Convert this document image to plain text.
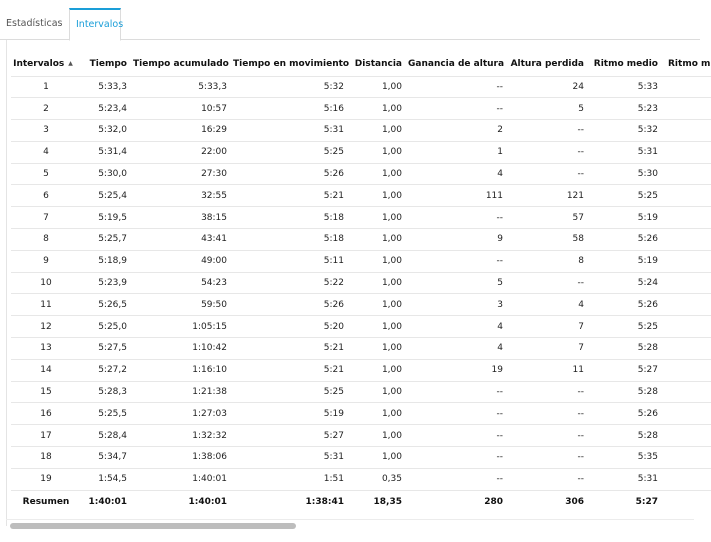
Estadísticas	Intervalos
Intervalos ▲	Tiempo	Tiempo acumulado	Tiempo en movimiento	Distancia	Ganancia de altura	Altura perdida	Ritmo medio	Ritmo m
1	5:33,3	5:33,3	5:32	1,00	--	24	5:33	
2	5:23,4	10:57	5:16	1,00	--	5	5:23	
3	5:32,0	16:29	5:31	1,00	2	--	5:32	
4	5:31,4	22:00	5:25	1,00	1	--	5:31	
5	5:30,0	27:30	5:26	1,00	4	--	5:30	
6	5:25,4	32:55	5:21	1,00	111	121	5:25	
7	5:19,5	38:15	5:18	1,00	--	57	5:19	
8	5:25,7	43:41	5:18	1,00	9	58	5:26	
9	5:18,9	49:00	5:11	1,00	--	8	5:19	
10	5:23,9	54:23	5:22	1,00	5	--	5:24	
11	5:26,5	59:50	5:26	1,00	3	4	5:26	
12	5:25,0	1:05:15	5:20	1,00	4	7	5:25	
13	5:27,5	1:10:42	5:21	1,00	4	7	5:28	
14	5:27,2	1:16:10	5:21	1,00	19	11	5:27	
15	5:28,3	1:21:38	5:25	1,00	--	--	5:28	
16	5:25,5	1:27:03	5:19	1,00	--	--	5:26	
17	5:28,4	1:32:32	5:27	1,00	--	--	5:28	
18	5:34,7	1:38:06	5:31	1,00	--	--	5:35	
19	1:54,5	1:40:01	1:51	0,35	--	--	5:31	
Resumen	1:40:01	1:40:01	1:38:41	18,35	280	306	5:27	
